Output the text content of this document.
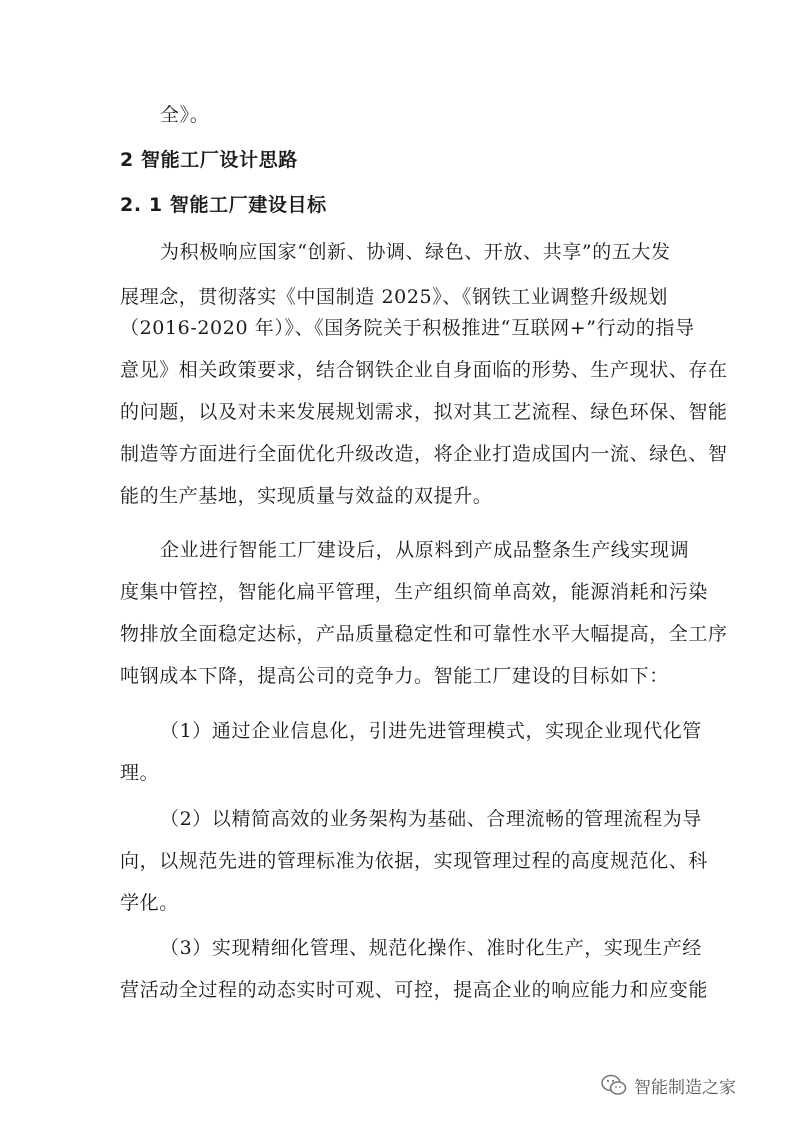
全》。
2 智能工厂设计思路
2. 1 智能工厂建设目标
为积极响应国家“创新、协调、绿色、开放、共享”的五大发
展理念，贯彻落实《中国制造 2025》、《钢铁工业调整升级规划
（2016-2020 年）》、《国务院关于积极推进“互联网+”行动的指导
意见》相关政策要求，结合钢铁企业自身面临的形势、生产现状、存在
的问题，以及对未来发展规划需求，拟对其工艺流程、绿色环保、智能
制造等方面进行全面优化升级改造，将企业打造成国内一流、绿色、智
能的生产基地，实现质量与效益的双提升。
企业进行智能工厂建设后，从原料到产成品整条生产线实现调
度集中管控，智能化扁平管理，生产组织简单高效，能源消耗和污染
物排放全面稳定达标，产品质量稳定性和可靠性水平大幅提高，全工序
吨钢成本下降，提高公司的竞争力。智能工厂建设的目标如下：
（1）通过企业信息化，引进先进管理模式，实现企业现代化管
理。
（2）以精简高效的业务架构为基础、合理流畅的管理流程为导
向，以规范先进的管理标准为依据，实现管理过程的高度规范化、科
学化。
（3）实现精细化管理、规范化操作、准时化生产，实现生产经
营活动全过程的动态实时可观、可控，提高企业的响应能力和应变能
智能制造之家
